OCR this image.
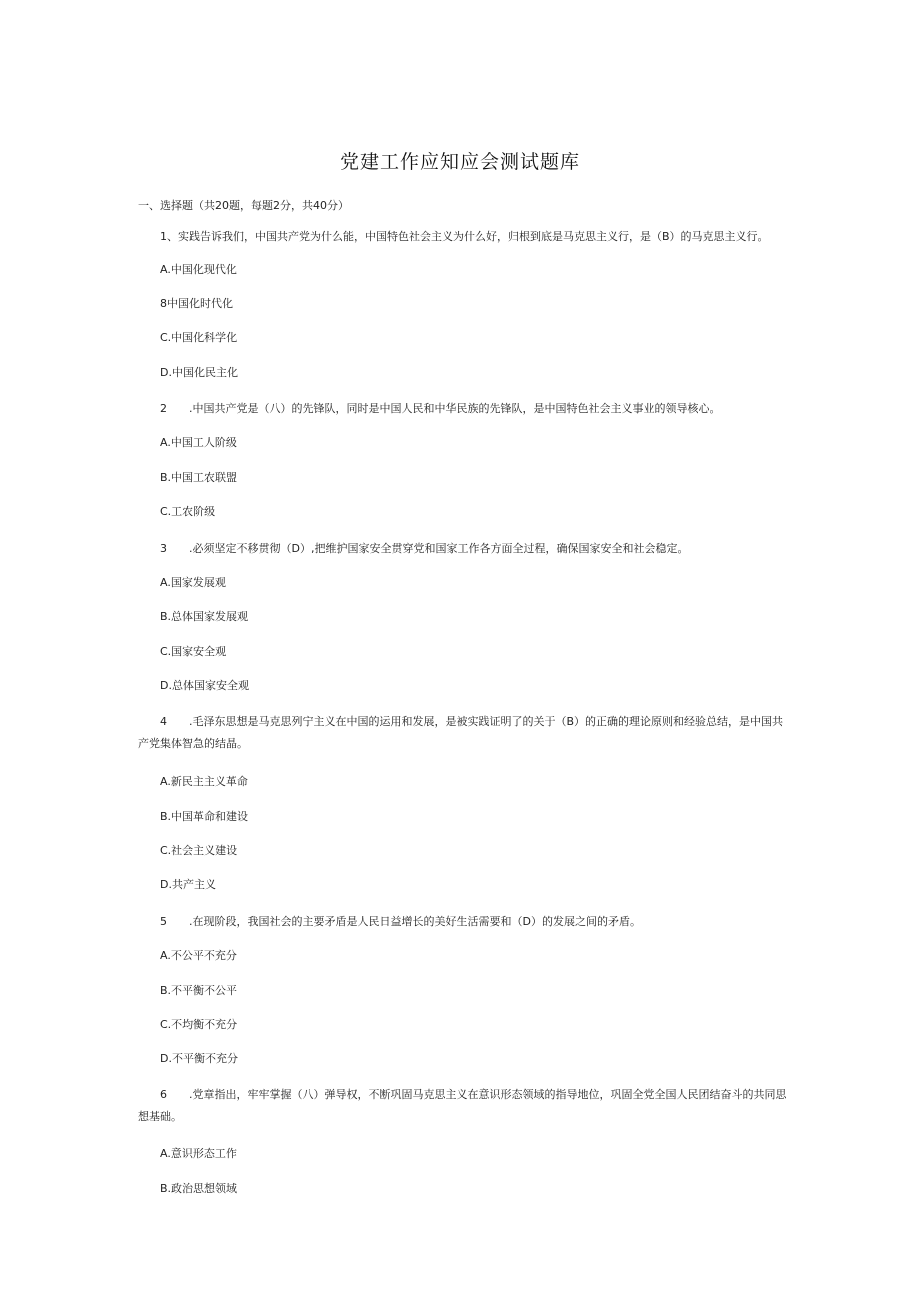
党建工作应知应会测试题库
一、选择题（共20题，每题2分，共40分）
1、实践告诉我们，中国共产党为什么能，中国特色社会主义为什么好，归根到底是马克思主义行，是（B）的马克思主义行。
A.中国化现代化
8中国化时代化
C.中国化科学化
D.中国化民主化
2 .中国共产党是（八）的先锋队，同时是中国人民和中华民族的先锋队，是中国特色社会主义事业的领导核心。
A.中国工人阶级
B.中国工农联盟
C.工农阶级
3 .必须坚定不移贯彻（D）,把维护国家安全贯穿党和国家工作各方面全过程，确保国家安全和社会稳定。
A.国家发展观
B.总体国家发展观
C.国家安全观
D.总体国家安全观
4 .毛泽东思想是马克思列宁主义在中国的运用和发展，是被实践证明了的关于（B）的正确的理论原则和经验总结，是中国共产党集体智急的结晶。
A.新民主主义革命
B.中国革命和建设
C.社会主义建设
D.共产主义
5 .在现阶段，我国社会的主要矛盾是人民日益增长的美好生活需要和（D）的发展之间的矛盾。
A.不公平不充分
B.不平衡不公平
C.不均衡不充分
D.不平衡不充分
6 .党章指出，牢牢掌握（八）弹导权，不断巩固马克思主义在意识形态领域的指导地位，巩固全党全国人民团结奋斗的共同思想基础。
A.意识形态工作
B.政治思想领域
